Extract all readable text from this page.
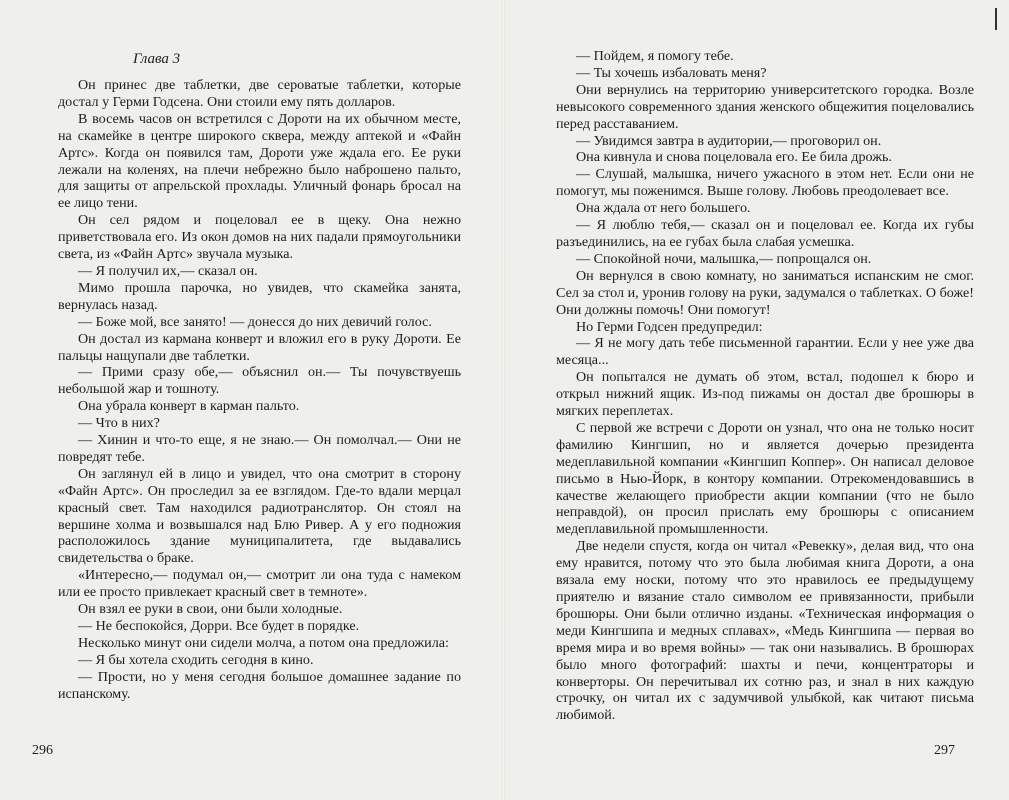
Глава 3

Он принес две таблетки, две сероватые таблетки, которые достал у Герми Годсена. Они стоили ему пять долларов.

В восемь часов он встретился с Дороти на их обычном месте, на скамейке в центре широкого сквера, между аптекой и «Файн Артс». Когда он появился там, Дороти уже ждала его. Ее руки лежали на коленях, на плечи небрежно было наброшено пальто, для защиты от апрельской прохлады. Уличный фонарь бросал на ее лицо тени.

Он сел рядом и поцеловал ее в щеку. Она нежно приветствовала его. Из окон домов на них падали прямоугольники света, из «Файн Артс» звучала музыка.

— Я получил их,— сказал он.

Мимо прошла парочка, но увидев, что скамейка занята, вернулась назад.

— Боже мой, все занято! — донесся до них девичий голос.

Он достал из кармана конверт и вложил его в руку Дороти. Ее пальцы нащупали две таблетки.

— Прими сразу обе,— объяснил он.— Ты почувствуешь небольшой жар и тошноту.

Она убрала конверт в карман пальто.

— Что в них?

— Хинин и что-то еще, я не знаю.— Он помолчал.— Они не повредят тебе.

Он заглянул ей в лицо и увидел, что она смотрит в сторону «Файн Артс». Он проследил за ее взглядом. Где-то вдали мерцал красный свет. Там находился радиотранслятор. Он стоял на вершине холма и возвышался над Блю Ривер. А у его подножия расположилось здание муниципалитета, где выдавались свидетельства о браке.

«Интересно,— подумал он,— смотрит ли она туда с намеком или ее просто привлекает красный свет в темноте».

Он взял ее руки в свои, они были холодные.

— Не беспокойся, Дорри. Все будет в порядке.

Несколько минут они сидели молча, а потом она предложила:

— Я бы хотела сходить сегодня в кино.

— Прости, но у меня сегодня большое домашнее задание по испанскому.

296

— Пойдем, я помогу тебе.

— Ты хочешь избаловать меня?

Они вернулись на территорию университетского городка. Возле невысокого современного здания женского общежития поцеловались перед расставанием.

— Увидимся завтра в аудитории,— проговорил он.

Она кивнула и снова поцеловала его. Ее била дрожь.

— Слушай, малышка, ничего ужасного в этом нет. Если они не помогут, мы поженимся. Выше голову. Любовь преодолевает все.

Она ждала от него большего.

— Я люблю тебя,— сказал он и поцеловал ее. Когда их губы разъединились, на ее губах была слабая усмешка.

— Спокойной ночи, малышка,— попрощался он.

Он вернулся в свою комнату, но заниматься испанским не смог. Сел за стол и, уронив голову на руки, задумался о таблетках. О боже! Они должны помочь! Они помогут!

Но Герми Годсен предупредил:

— Я не могу дать тебе письменной гарантии. Если у нее уже два месяца...

Он попытался не думать об этом, встал, подошел к бюро и открыл нижний ящик. Из-под пижамы он достал две брошюры в мягких переплетах.

С первой же встречи с Дороти он узнал, что она не только носит фамилию Кингшип, но и является дочерью президента медеплавильной компании «Кингшип Коппер». Он написал деловое письмо в Нью-Йорк, в контору компании. Отрекомендовавшись в качестве желающего приобрести акции компании (что не было неправдой), он просил прислать ему брошюры с описанием медеплавильной промышленности.

Две недели спустя, когда он читал «Ревекку», делая вид, что она ему нравится, потому что это была любимая книга Дороти, а она вязала ему носки, потому что это нравилось ее предыдущему приятелю и вязание стало символом ее привязанности, прибыли брошюры. Они были отлично изданы. «Техническая информация о меди Кингшипа и медных сплавах», «Медь Кингшипа — первая во время мира и во время войны» — так они назывались. В брошюрах было много фотографий: шахты и печи, концентраторы и конверторы. Он перечитывал их сотню раз, и знал в них каждую строчку, он читал их с задумчивой улыбкой, как читают письма любимой.

297
